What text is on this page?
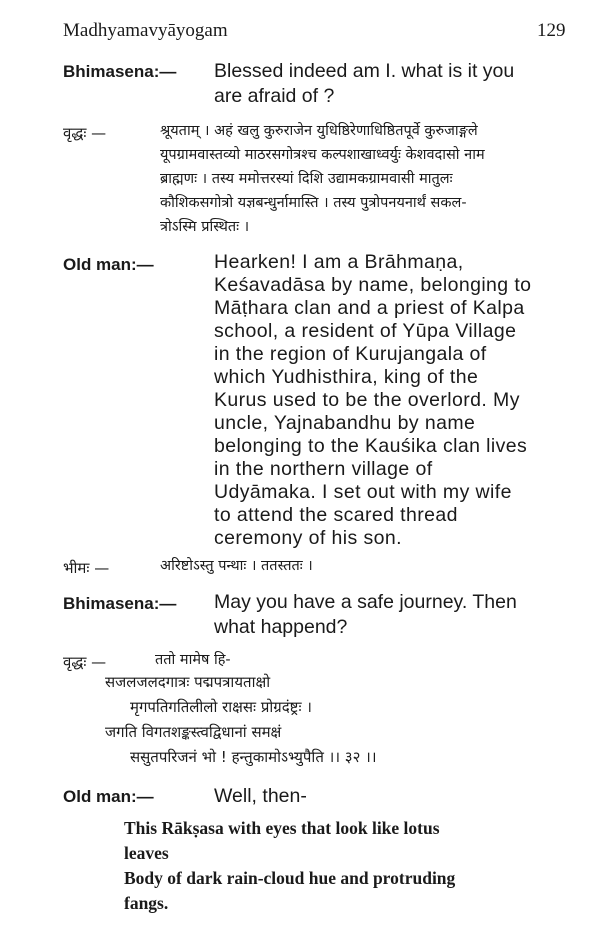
Madhyamavyāyogam	129
Bhimasena:— Blessed indeed am I. what is it you
are afraid of ?
वृद्धः —	श्रूयताम् । अहं खलु कुरुराजेन युधिष्ठिरेणाधिष्ठितपूर्वे कुरुजाङ्गले
यूपग्रामवास्तव्यो माठरसगोत्रश्च कल्पशाखाध्वर्युः केशवदासो नाम
ब्राह्मणः । तस्य ममोत्तरस्यां दिशि उद्यामकग्रामवासी मातुलः
कौशिकसगोत्रो यज्ञबन्धुर्नामास्ति । तस्य पुत्रोपनयनार्थं सकल-
त्रोऽस्मि प्रस्थितः ।
Old man:—	Hearken! I am a Brāhmaṇa,
Keśavadāsa by name, belonging to
Māṭhara clan and a priest of Kalpa
school, a resident of Yūpa Village
in the region of Kurujangala of
which Yudhisthira, king of the
Kurus used to be the overlord. My
uncle, Yajnabandhu by name
belonging to the Kauśika clan lives
in the northern village of
Udyāmaka. I set out with my wife
to attend the scared thread
ceremony of his son.
भीमः —	अरिष्टोऽस्तु पन्थाः । ततस्ततः ।
Bhimasena:— May you have a safe journey. Then
what happend?
वृद्धः —	ततो मामेष हि-
सजलजलदगात्रः पद्मपत्रायताक्षो
मृगपतिगतिलीलो राक्षसः प्रोग्रदंष्ट्रः ।
जगति विगतशङ्कस्त्वद्विधानां समक्षं
ससुतपरिजनं भो ! हन्तुकामोऽभ्युपैति ।। ३२ ।।
Old man:—	Well, then-
This Rākṣasa with eyes that look like lotus
leaves
Body of dark rain-cloud hue and protruding
fangs.
